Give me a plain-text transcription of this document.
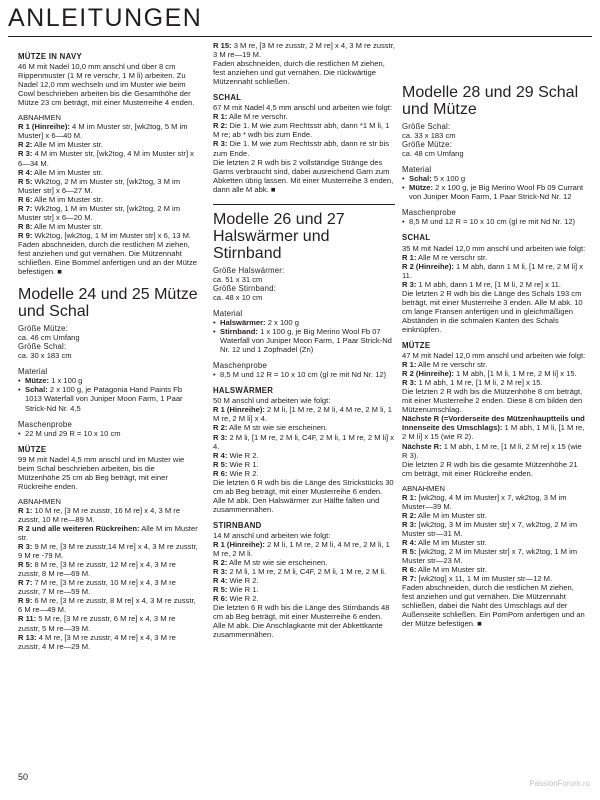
ANLEITUNGEN
MÜTZE IN NAVY

46 M mit Nadel 10,0 mm anschl und über 8 cm Rippenmuster (1 M re verschr, 1 M li) arbeiten. Zu Nadel 12,0 mm wechseln und im Muster wie beim Cowl beschrieben arbeiten bis die Gesamthöhe der Mütze 23 cm beträgt, mit einer Musterreihe 4 enden.

ABNAHMEN

R 1 (Hinreihe): 4 M im Muster str, [wk2tog, 5 M im Muster] x 6—40 M.

R 2: Alle M im Muster str.

R 3: 4 M im Muster str, [wk2tog, 4 M im Muster str] x 6—34 M.

R 4: Alle M im Muster str.

R 5: Wk2tog, 2 M im Muster str, [wk2tog, 3 M im Muster str] x 6—27 M.

R 6: Alle M im Muster str.

R 7: Wk2tog, 1 M im Muster str, [wk2tog, 2 M im Muster str] x 6—20 M.

R 8: Alle M im Muster str.

R 9: Wk2tog, [wk2tog, 1 M im Muster str] x 6, 13 M.

Faden abschneiden, durch die restlichen M ziehen, fest anziehen und gut vernähen. Die Mützennaht schließen. Eine Bommel anfertigen und an der Mütze befestigen. ■

Modelle 24 und 25 Mütze und Schal
Größe Mütze:

ca. 46 cm Umfang

Größe Schal:

ca. 30 x 183 cm

Material
• Mütze: 1 x 100 g
• Schal: 2 x 100 g, je Patagonia Hand Paints Fb 1013 Waterfall von Juniper Moon Farm, 1 Paar Strick-Nd Nr. 4,5
Maschenprobe
• 22 M und 29 R = 10 x 10 cm
MÜTZE

99 M mit Nadel 4,5 mm anschl und im Muster wie beim Schal beschrieben arbeiten, bis die Mützenhöhe 25 cm ab Beg beträgt, mit einer Rückreihe enden.

ABNAHMEN

R 1: 10 M re, [3 M re zusstr, 16 M re] x 4, 3 M re zusstr, 10 M re—89 M.

R 2 und alle weiteren Rückreihen: Alle M im Muster str.

R 3: 9 M re, [3 M re zusstr,14 M re] x 4, 3 M re zusstr, 9 M re -79 M.

R 5: 8 M re, [3 M re zusstr, 12 M re] x 4, 3 M re zusstr, 8 M re—69 M.

R 7: 7 M re, [3 M re zusstr, 10 M re] x 4, 3 M re zusstr, 7 M re—59 M.

R 9: 6 M re, [3 M re zusstr, 8 M re] x 4, 3 M re zusstr, 6 M re—49 M.

R 11: 5 M re, [3 M re zusstr, 6 M re] x 4, 3 M re zusstr, 5 M re—39 M.

R 13: 4 M re, [3 M re zusstr, 4 M re] x 4, 3 M re zusstr, 4 M re—29 M.

R 15: 3 M re, [3 M re zusstr, 2 M re] x 4, 3 M re zusstr, 3 M re—19 M.

Faden abschneiden, durch die restlichen M ziehen, fest anziehen und gut vernähen. Die rückwärtige Mützennaht schließen.

SCHAL

67 M mit Nadel 4,5 mm anschl und arbeiten wie folgt:

R 1: Alle M re verschr.

R 2: Die 1. M wie zum Rechtsstr abh, dann *1 M li, 1 M re; ab * wdh bis zum Ende.

R 3: Die 1. M wie zum Rechtsstr abh, dann re str bis zum Ende.

Die letzten 2 R wdh bis 2 vollständige Stränge des Garns verbraucht sind, dabei ausreichend Garn zum Abketten übrig lassen. Mit einer Musterreihe 3 enden, dann alle M abk. ■

Modelle 26 und 27 Halswärmer und Stirnband
Größe Halswärmer:

ca. 51 x 31 cm

Größe Stirnband:

ca. 48 x 10 cm

Material
• Halswärmer: 2 x 100 g
• Stirnband: 1 x 100 g, je Big Merino Wool Fb 07 Waterfall von Juniper Moon Farm, 1 Paar Strick-Nd Nr. 12 und 1 Zopfnadel (Zn)
Maschenprobe
• 8,5 M und 12 R = 10 x 10 cm (gl re mit Nd Nr. 12)
HALSWÄRMER

50 M anschl und arbeiten wie folgt:

R 1 (Hinreihe): 2 M li, [1 M re, 2 M li, 4 M re, 2 M li, 1 M re, 2 M li] x 4.

R 2: Alle M str wie sie erscheinen.

R 3: 2 M li, [1 M re, 2 M li, C4F, 2 M li, 1 M re, 2 M li] x 4.

R 4: Wie R 2.

R 5: Wie R 1.

R 6: Wie R 2.

Die letzten 6 R wdh bis die Länge des Strickstücks 30 cm ab Beg beträgt, mit einer Musterreihe 6 enden. Alle M abk. Den Halswärmer zur Hälfte falten und zusammennähen.

STIRNBAND

14 M anschl und arbeiten wie folgt:

R 1 (Hinreihe): 2 M li, 1 M re, 2 M li, 4 M re, 2 M li, 1 M re, 2 M li.

R 2: Alle M str wie sie erscheinen.

R 3: 2 M li, 1 M re, 2 M li, C4F, 2 M li, 1 M re, 2 M li.

R 4: Wie R 2.

R 5: Wie R 1.

R 6: Wie R 2.

Die letzten 6 R wdh bis die Länge des Stirnbands 48 cm ab Beg beträgt, mit einer Musterreihe 6 enden. Alle M abk. Die Anschlagkante mit der Abkettkante zusammennähen.

Modelle 28 und 29 Schal und Mütze
Größe Schal:

ca. 33 x 183 cm

Größe Mütze:

ca. 48 cm Umfang

Material
• Schal: 5 x 100 g
• Mütze: 2 x 100 g, je Big Merino Wool Fb 09 Currant von Juniper Moon Farm, 1 Paar Strick-Nd Nr. 12
Maschenprobe
• 8,5 M und 12 R = 10 x 10 cm (gl re mit Nd Nr. 12)
SCHAL

35 M mit Nadel 12,0 mm anschl und arbeiten wie folgt:

R 1: Alle M re verschr str.

R 2 (Hinreihe): 1 M abh, dann 1 M li, [1 M re, 2 M li] x 11.

R 3: 1 M abh, dann 1 M re, [1 M li, 2 M re] x 11.

Die letzten 2 R wdh bis die Länge des Schals 193 cm beträgt, mit einer Musterreihe 3 enden. Alle M abk. 10 cm lange Fransen anfertigen und in gleichmäßigen Abständen in die schmalen Kanten des Schals einknüpfen.

MÜTZE

47 M mit Nadel 12,0 mm anschl und arbeiten wie folgt:

R 1: Alle M re verschr str.

R 2 (Hinreihe): 1 M abh, [1 M li, 1 M re, 2 M li] x 15.

R 3: 1 M abh, 1 M re, [1 M li, 2 M re] x 15.

Die letzten 2 R wdh bis die Mützenhöhe 8 cm beträgt, mit einer Musterreihe 2 enden. Diese 8 cm bilden den Mützenumschlag.

Nächste R (=Vorderseite des Mützenhauptteils und Innenseite des Umschlags): 1 M abh, 1 M li, [1 M re, 2 M li] x 15 (wie R 2).

Nächste R: 1 M abh, 1 M re, [1 M li, 2 M re] x 15 (wie R 3).

Die letzten 2 R wdh bis die gesamte Mützenhöhe 21 cm beträgt, mit einer Rückreihe enden.

ABNAHMEN

R 1: [wk2tog, 4 M im Muster] x 7, wk2tog, 3 M im Muster—39 M.

R 2: Alle M im Muster str.

R 3: [wk2tog, 3 M im Muster str] x 7, wk2tog, 2 M im Muster str—31 M.

R 4: Alle M im Muster str.

R 5: [wk2tog, 2 M im Muster str] x 7, wk2tog, 1 M im Muster str—23 M.

R 6: Alle M im Muster str.

R 7: [wk2tog] x 11, 1 M im Muster str—12 M.

Faden abschneiden, durch die restlichen M ziehen, fest anziehen und gut vernähen. Die Mützennaht schließen, dabei die Naht des Umschlags auf der Außenseite schließen. Ein PomPom anfertigen und an der Mütze befestigen. ■

50
PassionForum.ru
